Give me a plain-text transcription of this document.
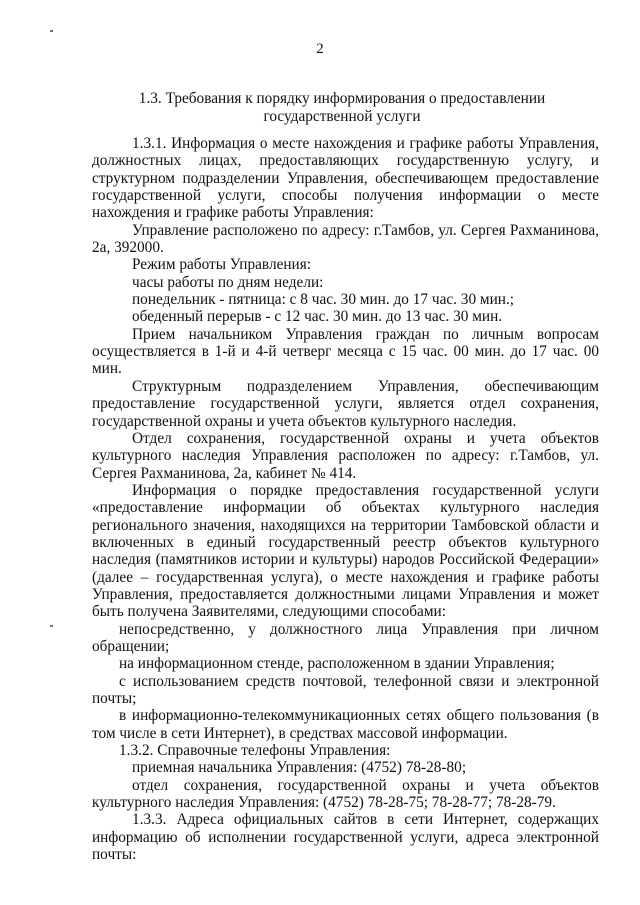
2
1.3. Требования к порядку информирования о предоставлении
государственной услуги

1.3.1. Информация о месте нахождения и графике работы Управления, должностных лицах, предоставляющих государственную услугу, и структурном подразделении Управления, обеспечивающем предоставление государственной услуги, способы получения информации о месте нахождения и графике работы Управления:

Управление расположено по адресу: г.Тамбов, ул. Сергея Рахманинова, 2а, 392000.

Режим работы Управления:

часы работы по дням недели:

понедельник - пятница: с 8 час. 30 мин. до 17 час. 30 мин.;

обеденный перерыв - с 12 час. 30 мин. до 13 час. 30 мин.

Прием начальником Управления граждан по личным вопросам осуществляется в 1-й и 4-й четверг месяца с 15 час. 00 мин. до 17 час. 00 мин.

Структурным подразделением Управления, обеспечивающим предоставление государственной услуги, является отдел сохранения, государственной охраны и учета объектов культурного наследия.

Отдел сохранения, государственной охраны и учета объектов культурного наследия Управления расположен по адресу: г.Тамбов, ул. Сергея Рахманинова, 2а, кабинет № 414.

Информация о порядке предоставления государственной услуги «предоставление информации об объектах культурного наследия регионального значения, находящихся на территории Тамбовской области и включенных в единый государственный реестр объектов культурного наследия (памятников истории и культуры) народов Российской Федерации» (далее – государственная услуга), о месте нахождения и графике работы Управления, предоставляется должностными лицами Управления и может быть получена Заявителями, следующими способами:

непосредственно, у должностного лица Управления при личном обращении;

на информационном стенде, расположенном в здании Управления;

с использованием средств почтовой, телефонной связи и электронной почты;

в информационно-телекоммуникационных сетях общего пользования (в том числе в сети Интернет), в средствах массовой информации.

1.3.2. Справочные телефоны Управления:

приемная начальника Управления: (4752) 78-28-80;

отдел сохранения, государственной охраны и учета объектов культурного наследия Управления: (4752) 78-28-75; 78-28-77; 78-28-79.

1.3.3. Адреса официальных сайтов в сети Интернет, содержащих информацию об исполнении государственной услуги, адреса электронной почты:
